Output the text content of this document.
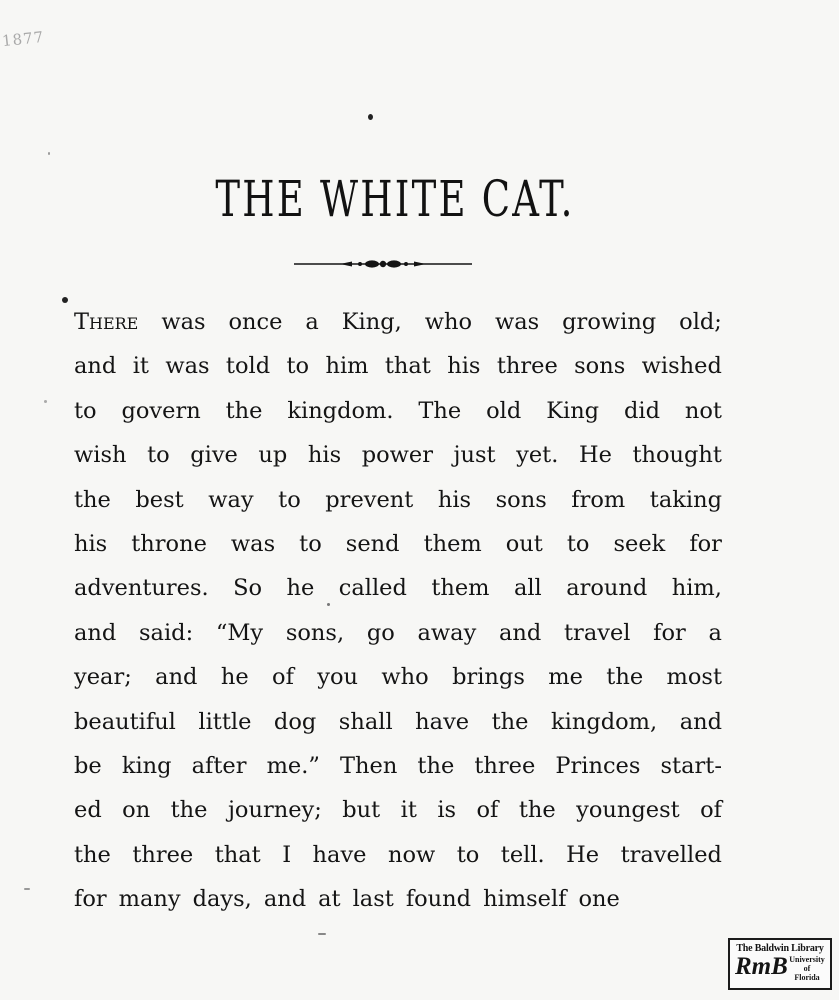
1877
THE WHITE CAT.
There was once a King, who was growing old;
and it was told to him that his three sons wished
to govern the kingdom. The old King did not
wish to give up his power just yet. He thought
the best way to prevent his sons from taking
his throne was to send them out to seek for
adventures. So he called them all around him,
and said: “My sons, go away and travel for a
year; and he of you who brings me the most
beautiful little dog shall have the kingdom, and
be king after me.” Then the three Princes start-
ed on the journey; but it is of the youngest of
the three that I have now to tell. He travelled
for many days, and at last found himself one
The Baldwin Library
RmB University
of
Florida
